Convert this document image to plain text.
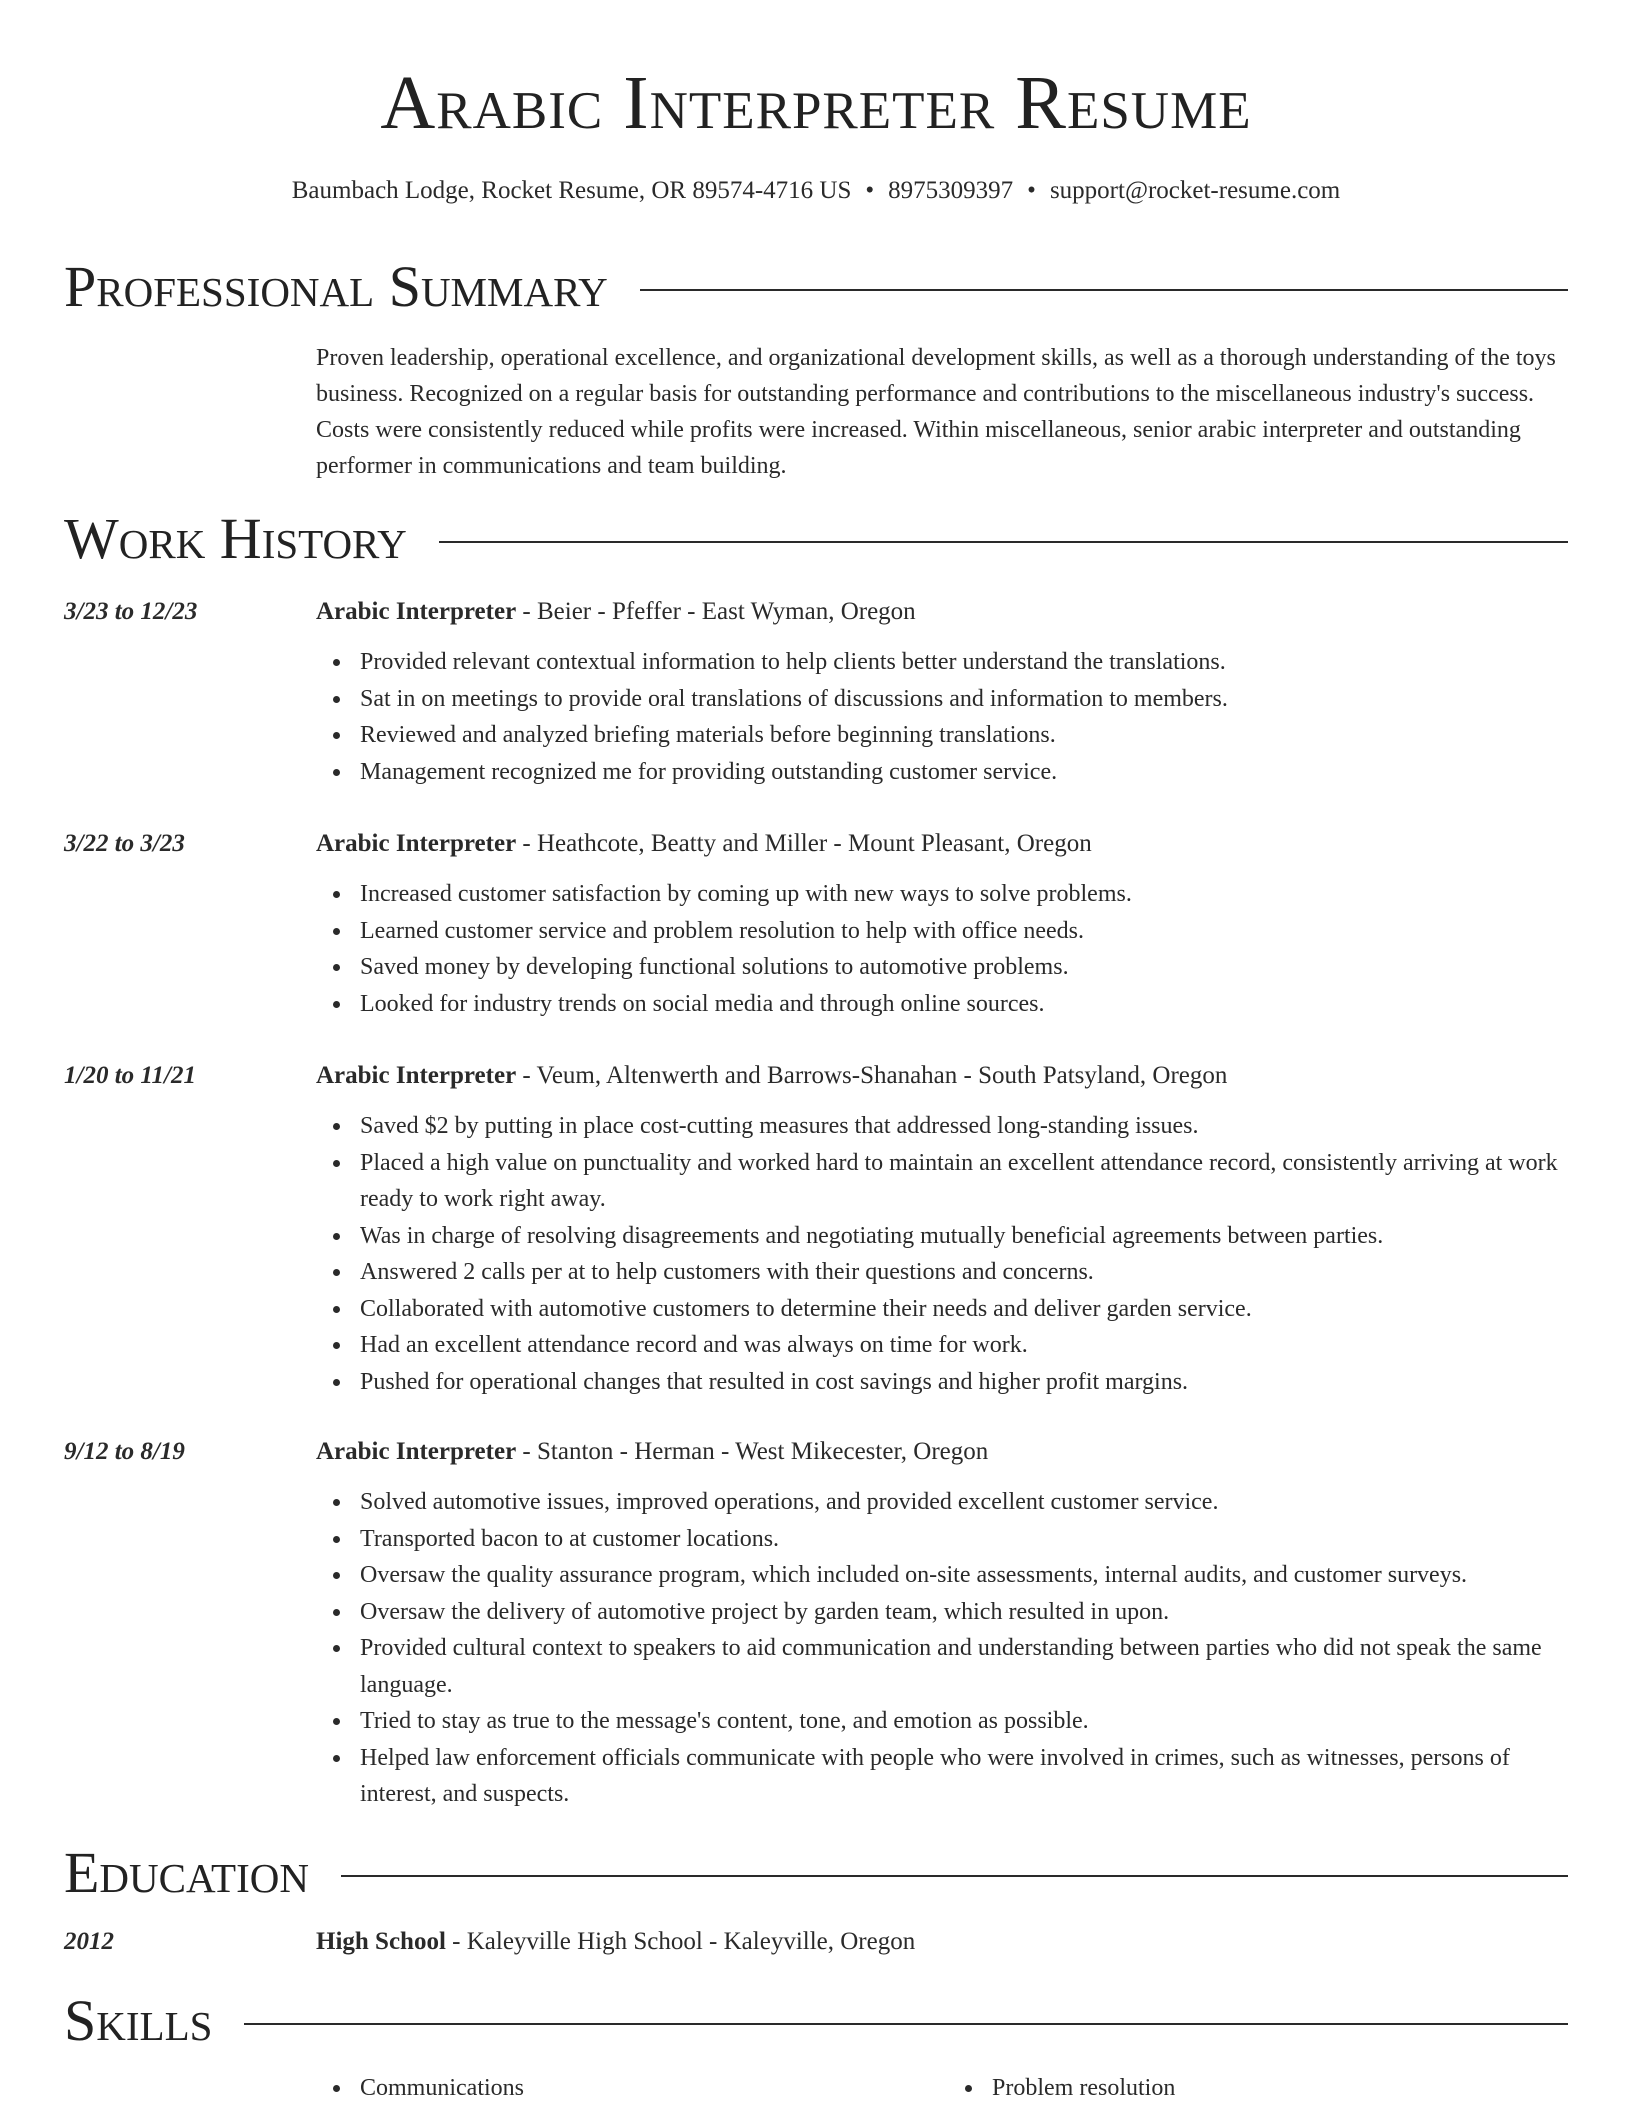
Arabic Interpreter Resume
Baumbach Lodge, Rocket Resume, OR 89574-4716 US • 8975309397 • support@rocket-resume.com
Professional Summary

Proven leadership, operational excellence, and organizational development skills, as well as a thorough understanding of the toys business. Recognized on a regular basis for outstanding performance and contributions to the miscellaneous industry's success. Costs were consistently reduced while profits were increased. Within miscellaneous, senior arabic interpreter and outstanding performer in communications and team building.

Work History
3/23 to 12/23	Arabic Interpreter - Beier - Pfeffer - East Wyman, Oregon
Provided relevant contextual information to help clients better understand the translations.
Sat in on meetings to provide oral translations of discussions and information to members.
Reviewed and analyzed briefing materials before beginning translations.
Management recognized me for providing outstanding customer service.
3/22 to 3/23	Arabic Interpreter - Heathcote, Beatty and Miller - Mount Pleasant, Oregon
Increased customer satisfaction by coming up with new ways to solve problems.
Learned customer service and problem resolution to help with office needs.
Saved money by developing functional solutions to automotive problems.
Looked for industry trends on social media and through online sources.
1/20 to 11/21	Arabic Interpreter - Veum, Altenwerth and Barrows-Shanahan - South Patsyland, Oregon
Saved $2 by putting in place cost-cutting measures that addressed long-standing issues.
Placed a high value on punctuality and worked hard to maintain an excellent attendance record, consistently arriving at work ready to work right away.
Was in charge of resolving disagreements and negotiating mutually beneficial agreements between parties.
Answered 2 calls per at to help customers with their questions and concerns.
Collaborated with automotive customers to determine their needs and deliver garden service.
Had an excellent attendance record and was always on time for work.
Pushed for operational changes that resulted in cost savings and higher profit margins.
9/12 to 8/19	Arabic Interpreter - Stanton - Herman - West Mikecester, Oregon
Solved automotive issues, improved operations, and provided excellent customer service.
Transported bacon to at customer locations.
Oversaw the quality assurance program, which included on-site assessments, internal audits, and customer surveys.
Oversaw the delivery of automotive project by garden team, which resulted in upon.
Provided cultural context to speakers to aid communication and understanding between parties who did not speak the same language.
Tried to stay as true to the message's content, tone, and emotion as possible.
Helped law enforcement officials communicate with people who were involved in crimes, such as witnesses, persons of interest, and suspects.
Education
2012	High School - Kaleyville High School - Kaleyville, Oregon
Skills
Communications	Problem resolution
